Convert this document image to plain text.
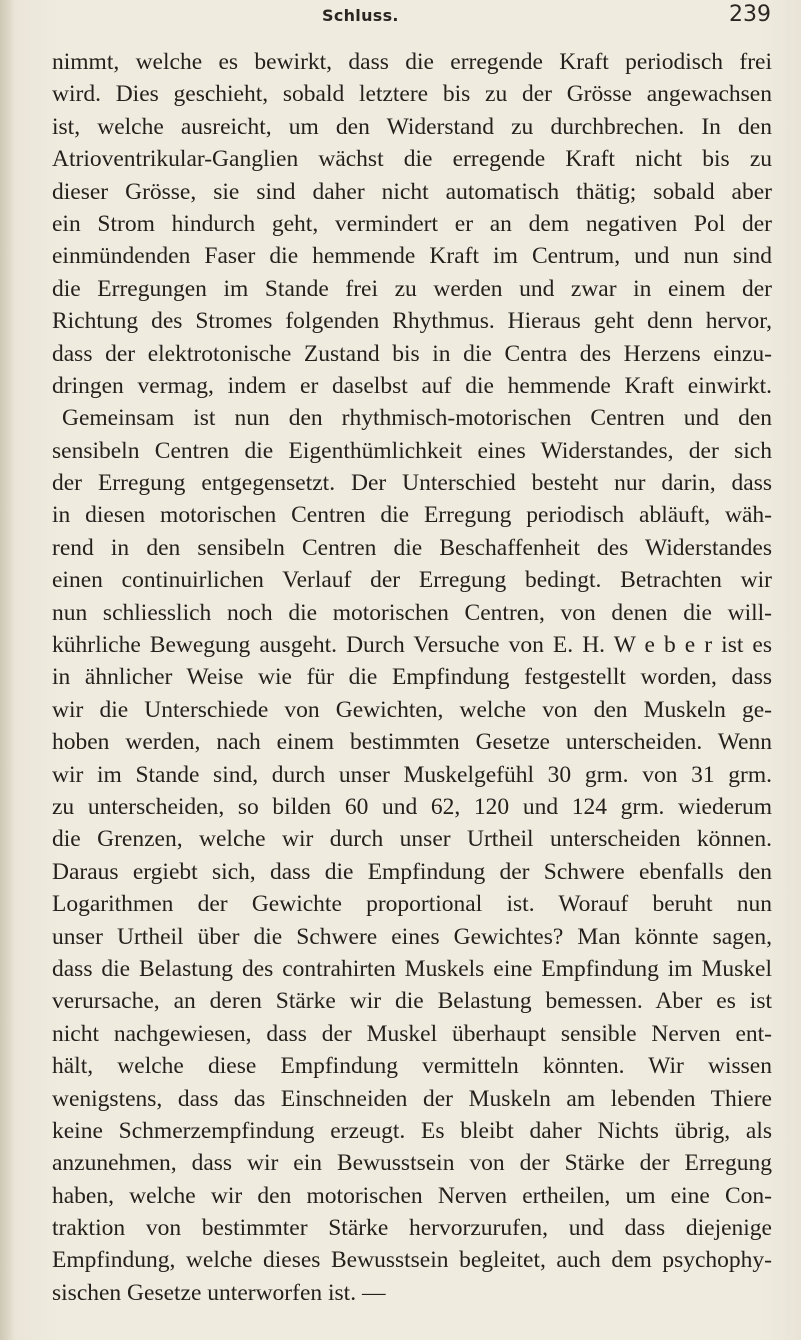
Schluss.	239
nimmt, welche es bewirkt, dass die erregende Kraft periodisch frei
wird. Dies geschieht, sobald letztere bis zu der Grösse angewachsen
ist, welche ausreicht, um den Widerstand zu durchbrechen. In den
Atrioventrikular-Ganglien wächst die erregende Kraft nicht bis zu
dieser Grösse, sie sind daher nicht automatisch thätig; sobald aber
ein Strom hindurch geht, vermindert er an dem negativen Pol der
einmündenden Faser die hemmende Kraft im Centrum, und nun sind
die Erregungen im Stande frei zu werden und zwar in einem der
Richtung des Stromes folgenden Rhythmus. Hieraus geht denn hervor,
dass der elektrotonische Zustand bis in die Centra des Herzens einzu-
dringen vermag, indem er daselbst auf die hemmende Kraft einwirkt.
Gemeinsam ist nun den rhythmisch-motorischen Centren und den
sensibeln Centren die Eigenthümlichkeit eines Widerstandes, der sich
der Erregung entgegensetzt. Der Unterschied besteht nur darin, dass
in diesen motorischen Centren die Erregung periodisch abläuft, wäh-
rend in den sensibeln Centren die Beschaffenheit des Widerstandes
einen continuirlichen Verlauf der Erregung bedingt. Betrachten wir
nun schliesslich noch die motorischen Centren, von denen die will-
kührliche Bewegung ausgeht. Durch Versuche von E. H. W e b e r ist es
in ähnlicher Weise wie für die Empfindung festgestellt worden, dass
wir die Unterschiede von Gewichten, welche von den Muskeln ge-
hoben werden, nach einem bestimmten Gesetze unterscheiden. Wenn
wir im Stande sind, durch unser Muskelgefühl 30 grm. von 31 grm.
zu unterscheiden, so bilden 60 und 62, 120 und 124 grm. wiederum
die Grenzen, welche wir durch unser Urtheil unterscheiden können.
Daraus ergiebt sich, dass die Empfindung der Schwere ebenfalls den
Logarithmen der Gewichte proportional ist. Worauf beruht nun
unser Urtheil über die Schwere eines Gewichtes? Man könnte sagen,
dass die Belastung des contrahirten Muskels eine Empfindung im Muskel
verursache, an deren Stärke wir die Belastung bemessen. Aber es ist
nicht nachgewiesen, dass der Muskel überhaupt sensible Nerven ent-
hält, welche diese Empfindung vermitteln könnten. Wir wissen
wenigstens, dass das Einschneiden der Muskeln am lebenden Thiere
keine Schmerzempfindung erzeugt. Es bleibt daher Nichts übrig, als
anzunehmen, dass wir ein Bewusstsein von der Stärke der Erregung
haben, welche wir den motorischen Nerven ertheilen, um eine Con-
traktion von bestimmter Stärke hervorzurufen, und dass diejenige
Empfindung, welche dieses Bewusstsein begleitet, auch dem psychophy-
sischen Gesetze unterworfen ist. —
